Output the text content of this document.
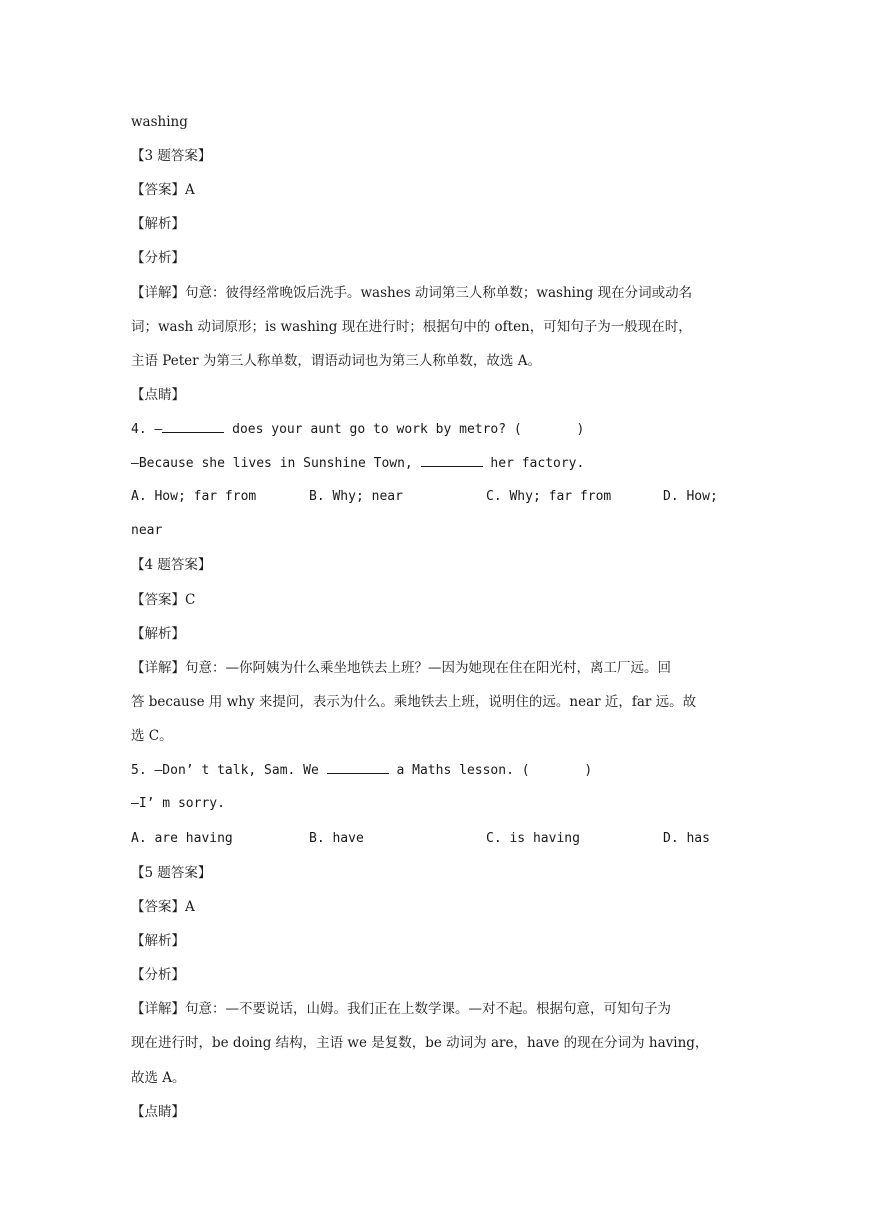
washing
【3 题答案】
【答案】A
【解析】
【分析】
【详解】句意：彼得经常晚饭后洗手。washes 动词第三人称单数；washing 现在分词或动名
词；wash 动词原形；is washing 现在进行时；根据句中的 often，可知句子为一般现在时，
主语 Peter 为第三人称单数，谓语动词也为第三人称单数，故选 A。
【点睛】
4. —	does your aunt go to work by metro? (       )
—Because she lives in Sunshine Town,	her factory.
A. How; far from	B. Why; near	C. Why; far from	D. How;
near
【4 题答案】
【答案】C
【解析】
【详解】句意：—你阿姨为什么乘坐地铁去上班？—因为她现在住在阳光村，离工厂远。回
答 because 用 why 来提问，表示为什么。乘地铁去上班，说明住的远。near 近，far 远。故
选 C。
5. —Don’ t talk, Sam. We	a Maths lesson. (       )
—I’ m sorry.
A. are having	B. have	C. is having	D. has
【5 题答案】
【答案】A
【解析】
【分析】
【详解】句意：—不要说话，山姆。我们正在上数学课。—对不起。根据句意，可知句子为
现在进行时，be doing 结构，主语 we 是复数，be 动词为 are，have 的现在分词为 having，
故选 A。
【点睛】
